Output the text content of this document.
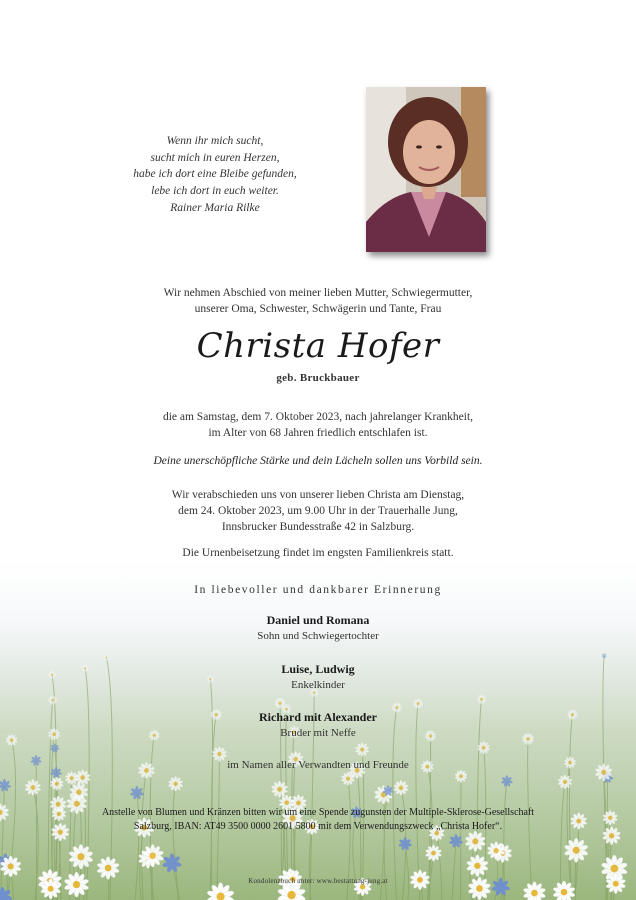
Wenn ihr mich sucht,
sucht mich in euren Herzen,
habe ich dort eine Bleibe gefunden,
lebe ich dort in euch weiter.
Rainer Maria Rilke
Wir nehmen Abschied von meiner lieben Mutter, Schwiegermutter,
unserer Oma, Schwester, Schwägerin und Tante, Frau
Christa Hofer
geb. Bruckbauer
die am Samstag, dem 7. Oktober 2023, nach jahrelanger Krankheit,
im Alter von 68 Jahren friedlich entschlafen ist.
Deine unerschöpfliche Stärke und dein Lächeln sollen uns Vorbild sein.
Wir verabschieden uns von unserer lieben Christa am Dienstag,
dem 24. Oktober 2023, um 9.00 Uhr in der Trauerhalle Jung,
Innsbrucker Bundesstraße 42 in Salzburg.
Die Urnenbeisetzung findet im engsten Familienkreis statt.
In liebevoller und dankbarer Erinnerung
Daniel und Romana
Sohn und Schwiegertochter
Luise, Ludwig
Enkelkinder
Richard mit Alexander
Bruder mit Neffe
im Namen aller Verwandten und Freunde
Anstelle von Blumen und Kränzen bitten wir um eine Spende zugunsten der Multiple-Sklerose-Gesellschaft
Salzburg, IBAN: AT49 3500 0000 2601 5800 mit dem Verwendungszweck „Christa Hofer“.
Kondolenzbuch unter: www.bestattung-jung.at
